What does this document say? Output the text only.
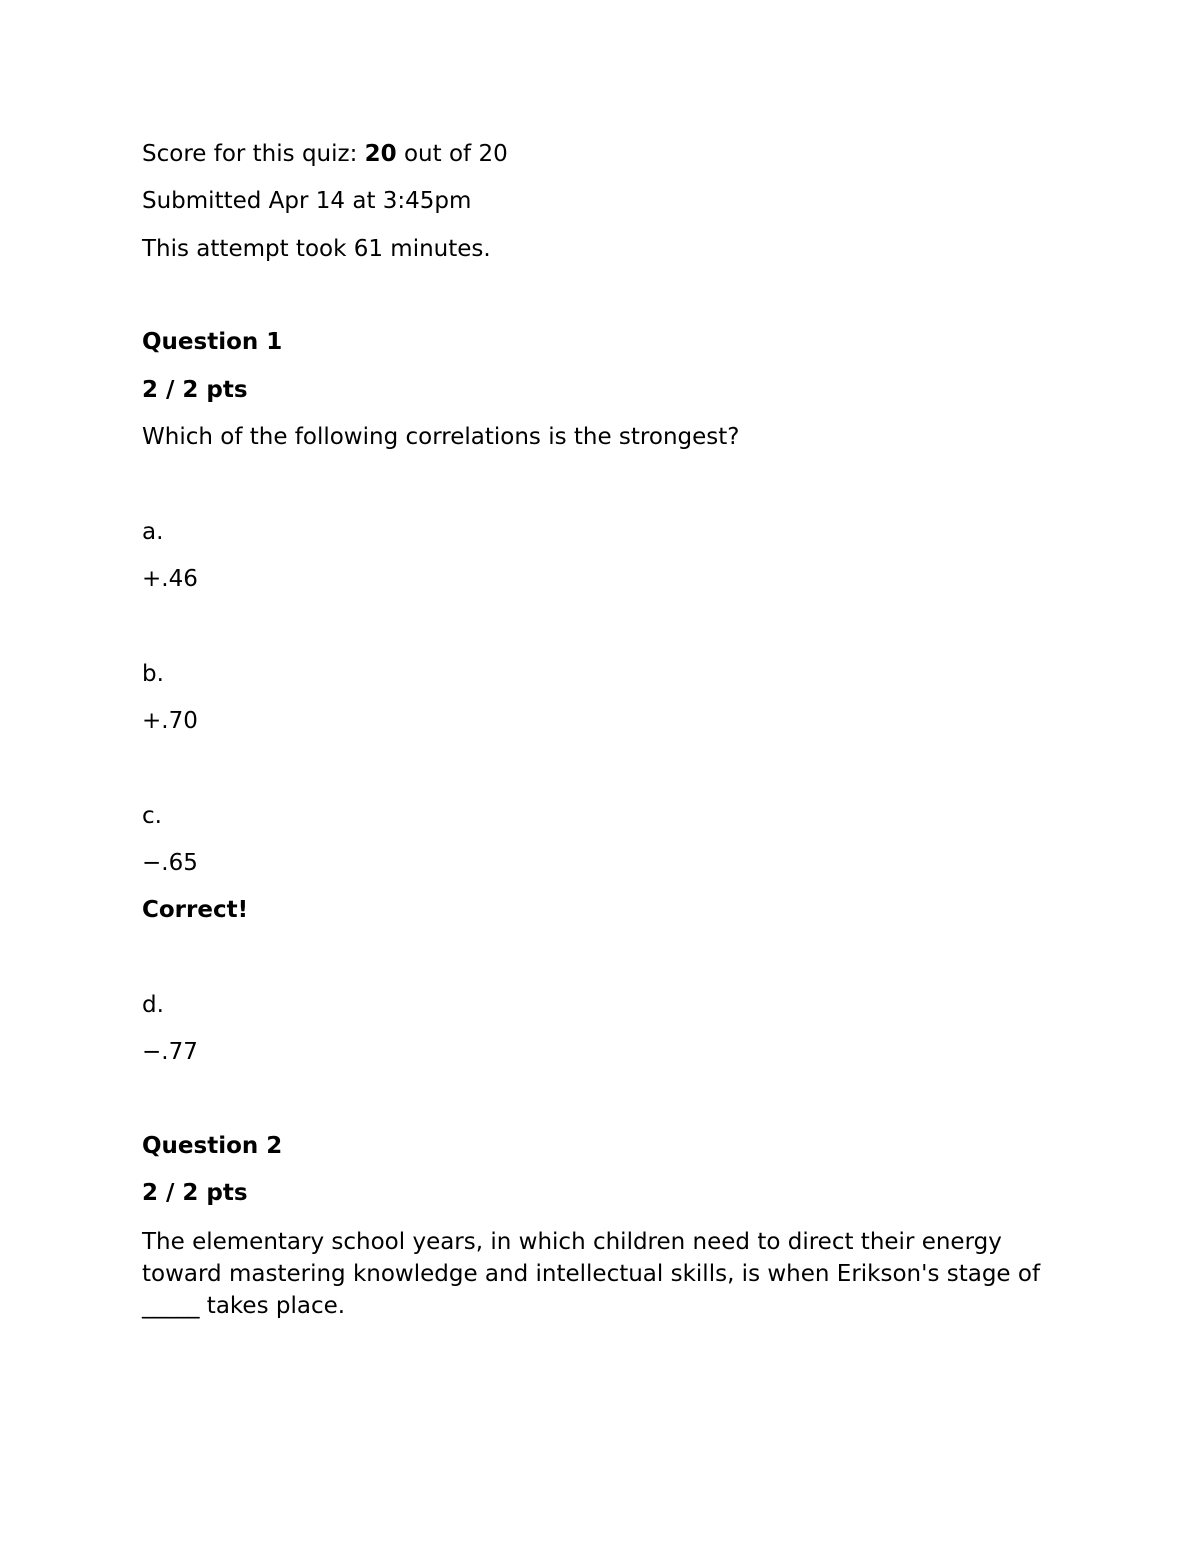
Score for this quiz: 20 out of 20

Submitted Apr 14 at 3:45pm

This attempt took 61 minutes.

Question 1

2 / 2 pts

Which of the following correlations is the strongest?

a.

+.46

b.

+.70

c.

−.65

Correct!

d.

−.77

Question 2

2 / 2 pts

The elementary school years, in which children need to direct their energy toward mastering knowledge and intellectual skills, is when Erikson's stage of _____ takes place.
